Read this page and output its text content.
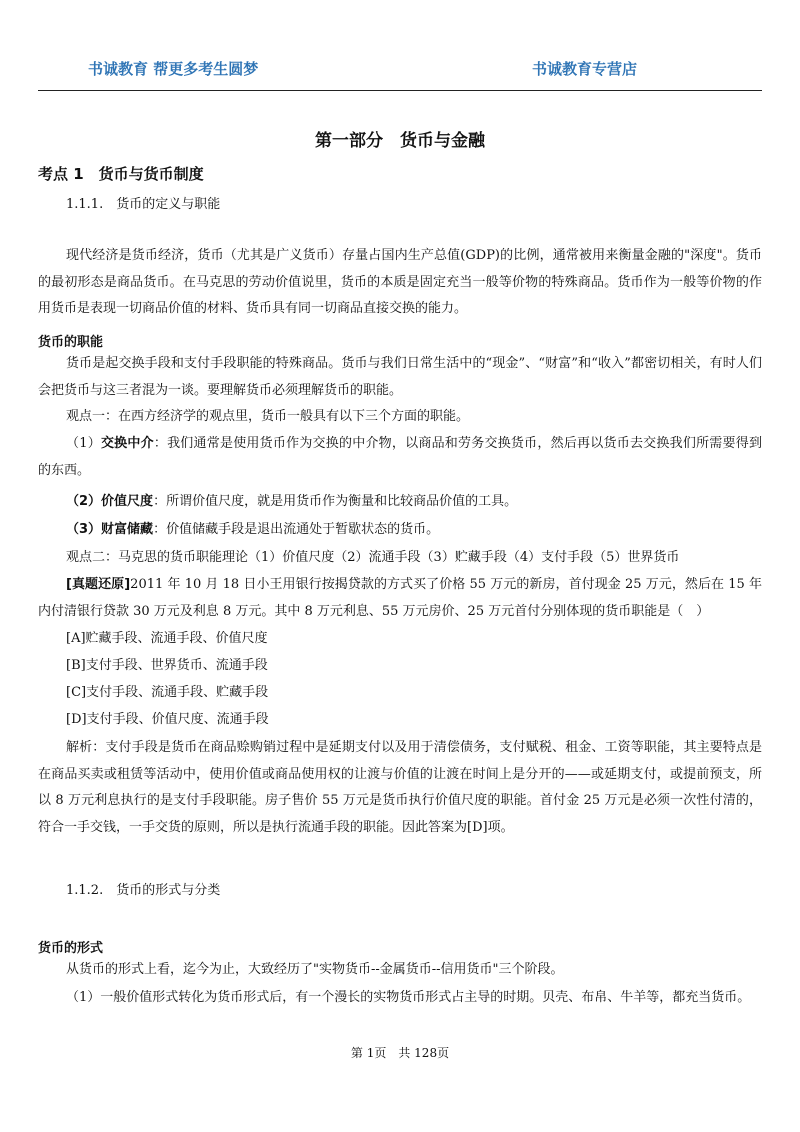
书诚教育 帮更多考生圆梦	书诚教育专营店
第一部分　货币与金融
考点 1　货币与货币制度
1.1.1.　货币的定义与职能

现代经济是货币经济，货币（尤其是广义货币）存量占国内生产总值(GDP)的比例，通常被用来衡量金融的"深度"。货币的最初形态是商品货币。在马克思的劳动价值说里，货币的本质是固定充当一般等价物的特殊商品。货币作为一般等价物的作用货币是表现一切商品价值的材料、货币具有同一切商品直接交换的能力。

货币的职能

货币是起交换手段和支付手段职能的特殊商品。货币与我们日常生活中的“现金”、“财富”和“收入”都密切相关，有时人们会把货币与这三者混为一谈。要理解货币必须理解货币的职能。

观点一：在西方经济学的观点里，货币一般具有以下三个方面的职能。

（1）交换中介：我们通常是使用货币作为交换的中介物，以商品和劳务交换货币，然后再以货币去交换我们所需要得到的东西。

（2）价值尺度：所谓价值尺度，就是用货币作为衡量和比较商品价值的工具。
（3）财富储藏：价值储藏手段是退出流通处于暂歇状态的货币。
观点二：马克思的货币职能理论（1）价值尺度（2）流通手段（3）贮藏手段（4）支付手段（5）世界货币

[真题还原]2011 年 10 月 18 日小王用银行按揭贷款的方式买了价格 55 万元的新房，首付现金 25 万元，然后在 15 年内付清银行贷款 30 万元及利息 8 万元。其中 8 万元利息、55 万元房价、25 万元首付分别体现的货币职能是（　）

[A]贮藏手段、流通手段、价值尺度
[B]支付手段、世界货币、流通手段
[C]支付手段、流通手段、贮藏手段
[D]支付手段、价值尺度、流通手段

解析：支付手段是货币在商品赊购销过程中是延期支付以及用于清偿债务，支付赋税、租金、工资等职能，其主要特点是在商品买卖或租赁等活动中，使用价值或商品使用权的让渡与价值的让渡在时间上是分开的——或延期支付，或提前预支，所以 8 万元利息执行的是支付手段职能。房子售价 55 万元是货币执行价值尺度的职能。首付金 25 万元是必须一次性付清的，符合一手交钱，一手交货的原则，所以是执行流通手段的职能。因此答案为[D]项。

1.1.2.　货币的形式与分类
货币的形式
从货币的形式上看，迄今为止，大致经历了"实物货币--金属货币--信用货币"三个阶段。

（1）一般价值形式转化为货币形式后，有一个漫长的实物货币形式占主导的时期。贝壳、布帛、牛羊等，都充当货币。

第 1页　共 128页
